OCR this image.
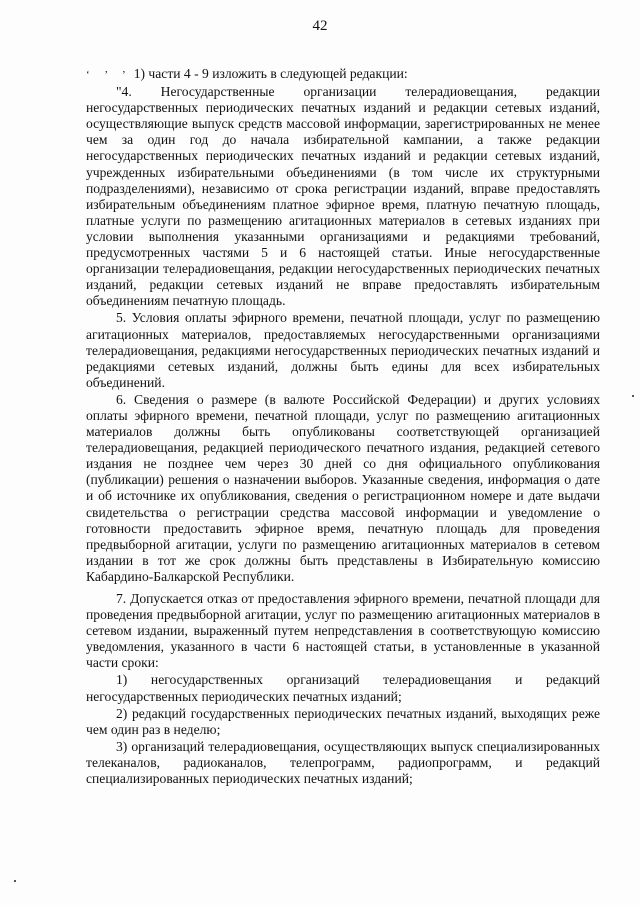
42

‘ ’ ’ 1) части 4 - 9 изложить в следующей редакции:

"4. Негосударственные организации телерадиовещания, редакции негосударственных периодических печатных изданий и редакции сетевых изданий, осуществляющие выпуск средств массовой информации, зарегистрированных не менее чем за один год до начала избирательной кампании, а также редакции негосударственных периодических печатных изданий и редакции сетевых изданий, учрежденных избирательными объединениями (в том числе их структурными подразделениями), независимо от срока регистрации изданий, вправе предоставлять избирательным объединениям платное эфирное время, платную печатную площадь, платные услуги по размещению агитационных материалов в сетевых изданиях при условии выполнения указанными организациями и редакциями требований, предусмотренных частями 5 и 6 настоящей статьи. Иные негосударственные организации телерадиовещания, редакции негосударственных периодических печатных изданий, редакции сетевых изданий не вправе предоставлять избирательным объединениям печатную площадь.

5. Условия оплаты эфирного времени, печатной площади, услуг по размещению агитационных материалов, предоставляемых негосударственными организациями телерадиовещания, редакциями негосударственных периодических печатных изданий и редакциями сетевых изданий, должны быть едины для всех избирательных объединений.

6. Сведения о размере (в валюте Российской Федерации) и других условиях оплаты эфирного времени, печатной площади, услуг по размещению агитационных материалов должны быть опубликованы соответствующей организацией телерадиовещания, редакцией периодического печатного издания, редакцией сетевого издания не позднее чем через 30 дней со дня официального опубликования (публикации) решения о назначении выборов. Указанные сведения, информация о дате и об источнике их опубликования, сведения о регистрационном номере и дате выдачи свидетельства о регистрации средства массовой информации и уведомление о готовности предоставить эфирное время, печатную площадь для проведения предвыборной агитации, услуги по размещению агитационных материалов в сетевом издании в тот же срок должны быть представлены в Избирательную комиссию Кабардино-Балкарской Республики.

7. Допускается отказ от предоставления эфирного времени, печатной площади для проведения предвыборной агитации, услуг по размещению агитационных материалов в сетевом издании, выраженный путем непредставления в соответствующую комиссию уведомления, указанного в части 6 настоящей статьи, в установленные в указанной части сроки:

1) негосударственных организаций телерадиовещания и редакций негосударственных периодических печатных изданий;

2) редакций государственных периодических печатных изданий, выходящих реже чем один раз в неделю;

3) организаций телерадиовещания, осуществляющих выпуск специализированных телеканалов, радиоканалов, телепрограмм, радиопрограмм, и редакций специализированных периодических печатных изданий;
